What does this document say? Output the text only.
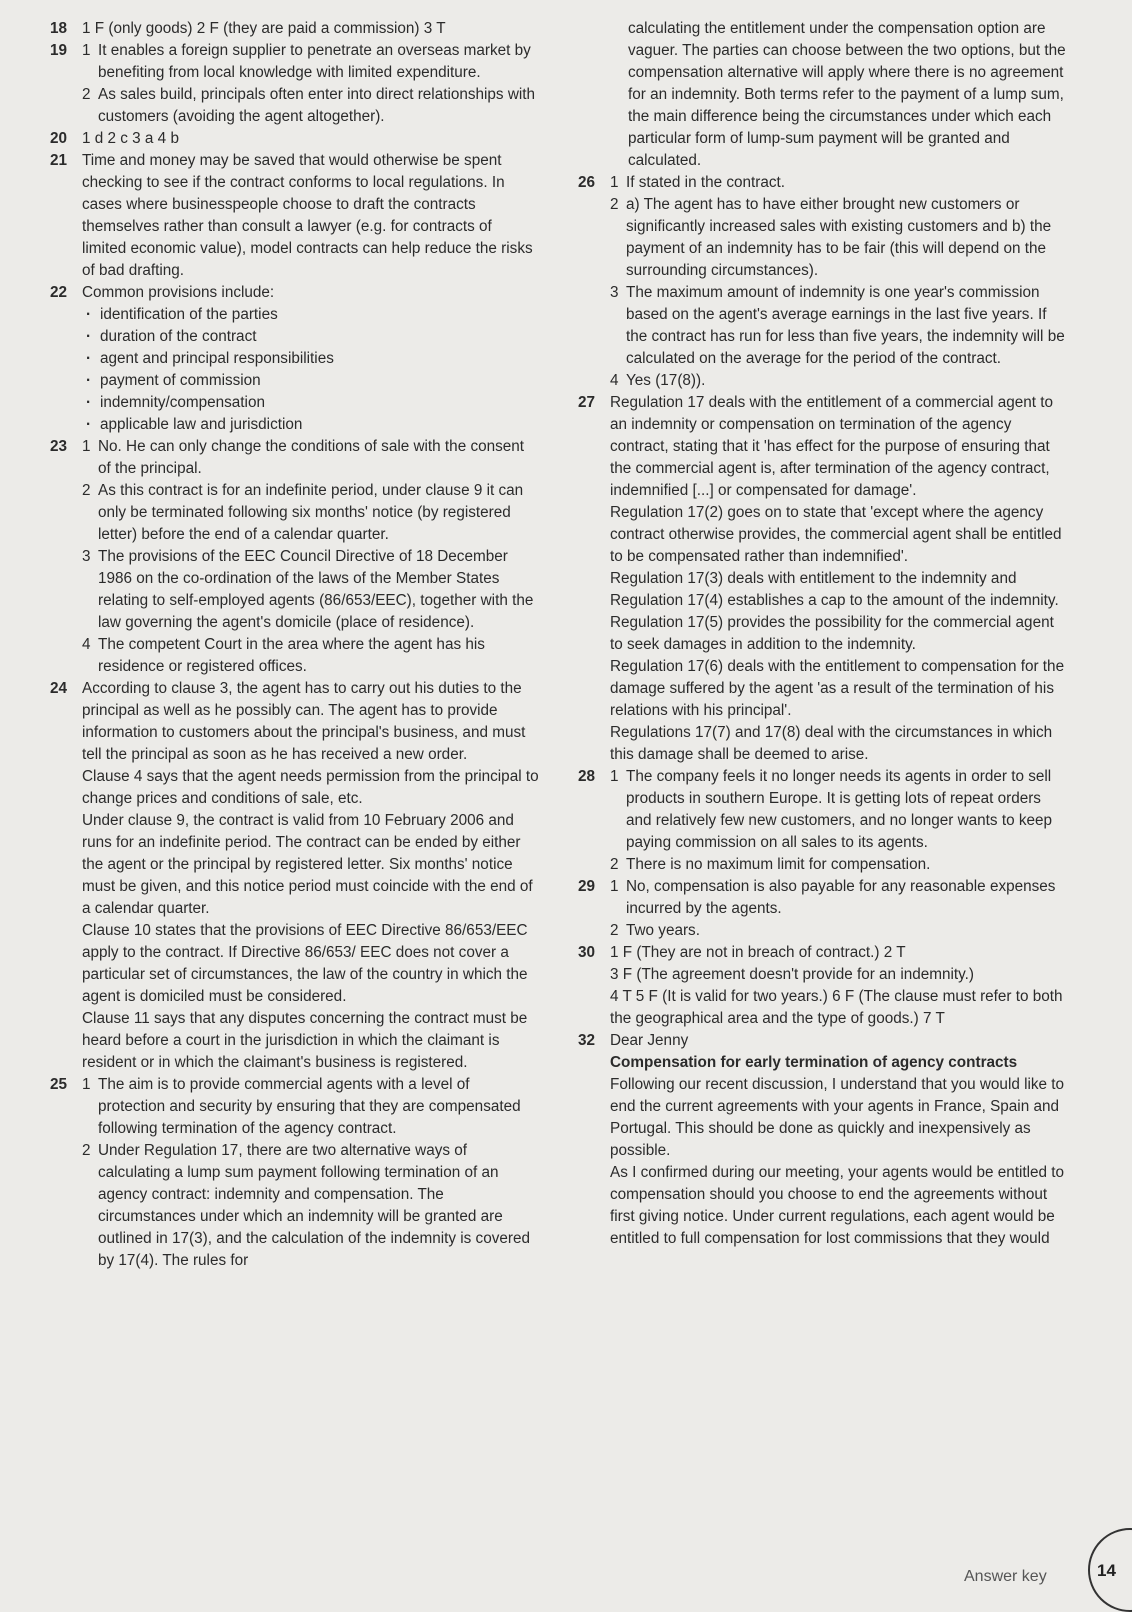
18 1 F (only goods) 2 F (they are paid a commission) 3 T

19 1 It enables a foreign supplier to penetrate an overseas market by benefiting from local knowledge with limited expenditure.
2 As sales build, principals often enter into direct relationships with customers (avoiding the agent altogether).
20 1 d 2 c 3 a 4 b

21 Time and money may be saved that would otherwise be spent checking to see if the contract conforms to local regulations. In cases where businesspeople choose to draft the contracts themselves rather than consult a lawyer (e.g. for contracts of limited economic value), model contracts can help reduce the risks of bad drafting.

22 Common provisions include:

· identification of the parties
· duration of the contract
· agent and principal responsibilities
· payment of commission
· indemnity/compensation
· applicable law and jurisdiction
23 1 No. He can only change the conditions of sale with the consent of the principal.
2 As this contract is for an indefinite period, under clause 9 it can only be terminated following six months' notice (by registered letter) before the end of a calendar quarter.
3 The provisions of the EEC Council Directive of 18 December 1986 on the co-ordination of the laws of the Member States relating to self-employed agents (86/653/EEC), together with the law governing the agent's domicile (place of residence).
4 The competent Court in the area where the agent has his residence or registered offices.
24 According to clause 3, the agent has to carry out his duties to the principal as well as he possibly can. The agent has to provide information to customers about the principal's business, and must tell the principal as soon as he has received a new order.

Clause 4 says that the agent needs permission from the principal to change prices and conditions of sale, etc.

Under clause 9, the contract is valid from 10 February 2006 and runs for an indefinite period. The contract can be ended by either the agent or the principal by registered letter. Six months' notice must be given, and this notice period must coincide with the end of a calendar quarter.

Clause 10 states that the provisions of EEC Directive 86/653/EEC apply to the contract. If Directive 86/653/ EEC does not cover a particular set of circumstances, the law of the country in which the agent is domiciled must be considered.

Clause 11 says that any disputes concerning the contract must be heard before a court in the jurisdiction in which the claimant is resident or in which the claimant's business is registered.

25 1 The aim is to provide commercial agents with a level of protection and security by ensuring that they are compensated following termination of the agency contract.
2 Under Regulation 17, there are two alternative ways of calculating a lump sum payment following termination of an agency contract: indemnity and compensation. The circumstances under which an indemnity will be granted are outlined in 17(3), and the calculation of the indemnity is covered by 17(4). The rules for

calculating the entitlement under the compensation option are vaguer. The parties can choose between the two options, but the compensation alternative will apply where there is no agreement for an indemnity. Both terms refer to the payment of a lump sum, the main difference being the circumstances under which each particular form of lump-sum payment will be granted and calculated.

26 1 If stated in the contract.
2 a) The agent has to have either brought new customers or significantly increased sales with existing customers and b) the payment of an indemnity has to be fair (this will depend on the surrounding circumstances).
3 The maximum amount of indemnity is one year's commission based on the agent's average earnings in the last five years. If the contract has run for less than five years, the indemnity will be calculated on the average for the period of the contract.
4 Yes (17(8)).
27 Regulation 17 deals with the entitlement of a commercial agent to an indemnity or compensation on termination of the agency contract, stating that it 'has effect for the purpose of ensuring that the commercial agent is, after termination of the agency contract, indemnified [...] or compensated for damage'.

Regulation 17(2) goes on to state that 'except where the agency contract otherwise provides, the commercial agent shall be entitled to be compensated rather than indemnified'.

Regulation 17(3) deals with entitlement to the indemnity and Regulation 17(4) establishes a cap to the amount of the indemnity.

Regulation 17(5) provides the possibility for the commercial agent to seek damages in addition to the indemnity.

Regulation 17(6) deals with the entitlement to compensation for the damage suffered by the agent 'as a result of the termination of his relations with his principal'.

Regulations 17(7) and 17(8) deal with the circumstances in which this damage shall be deemed to arise.

28 1 The company feels it no longer needs its agents in order to sell products in southern Europe. It is getting lots of repeat orders and relatively few new customers, and no longer wants to keep paying commission on all sales to its agents.
2 There is no maximum limit for compensation.
29 1 No, compensation is also payable for any reasonable expenses incurred by the agents.
2 Two years.
30 1 F (They are not in breach of contract.) 2 T

3 F (The agreement doesn't provide for an indemnity.)

4 T 5 F (It is valid for two years.) 6 F (The clause must refer to both the geographical area and the type of goods.) 7 T

32 Dear Jenny

Compensation for early termination of agency contracts

Following our recent discussion, I understand that you would like to end the current agreements with your agents in France, Spain and Portugal. This should be done as quickly and inexpensively as possible.

As I confirmed during our meeting, your agents would be entitled to compensation should you choose to end the agreements without first giving notice. Under current regulations, each agent would be entitled to full compensation for lost commissions that they would

Answer key	14
